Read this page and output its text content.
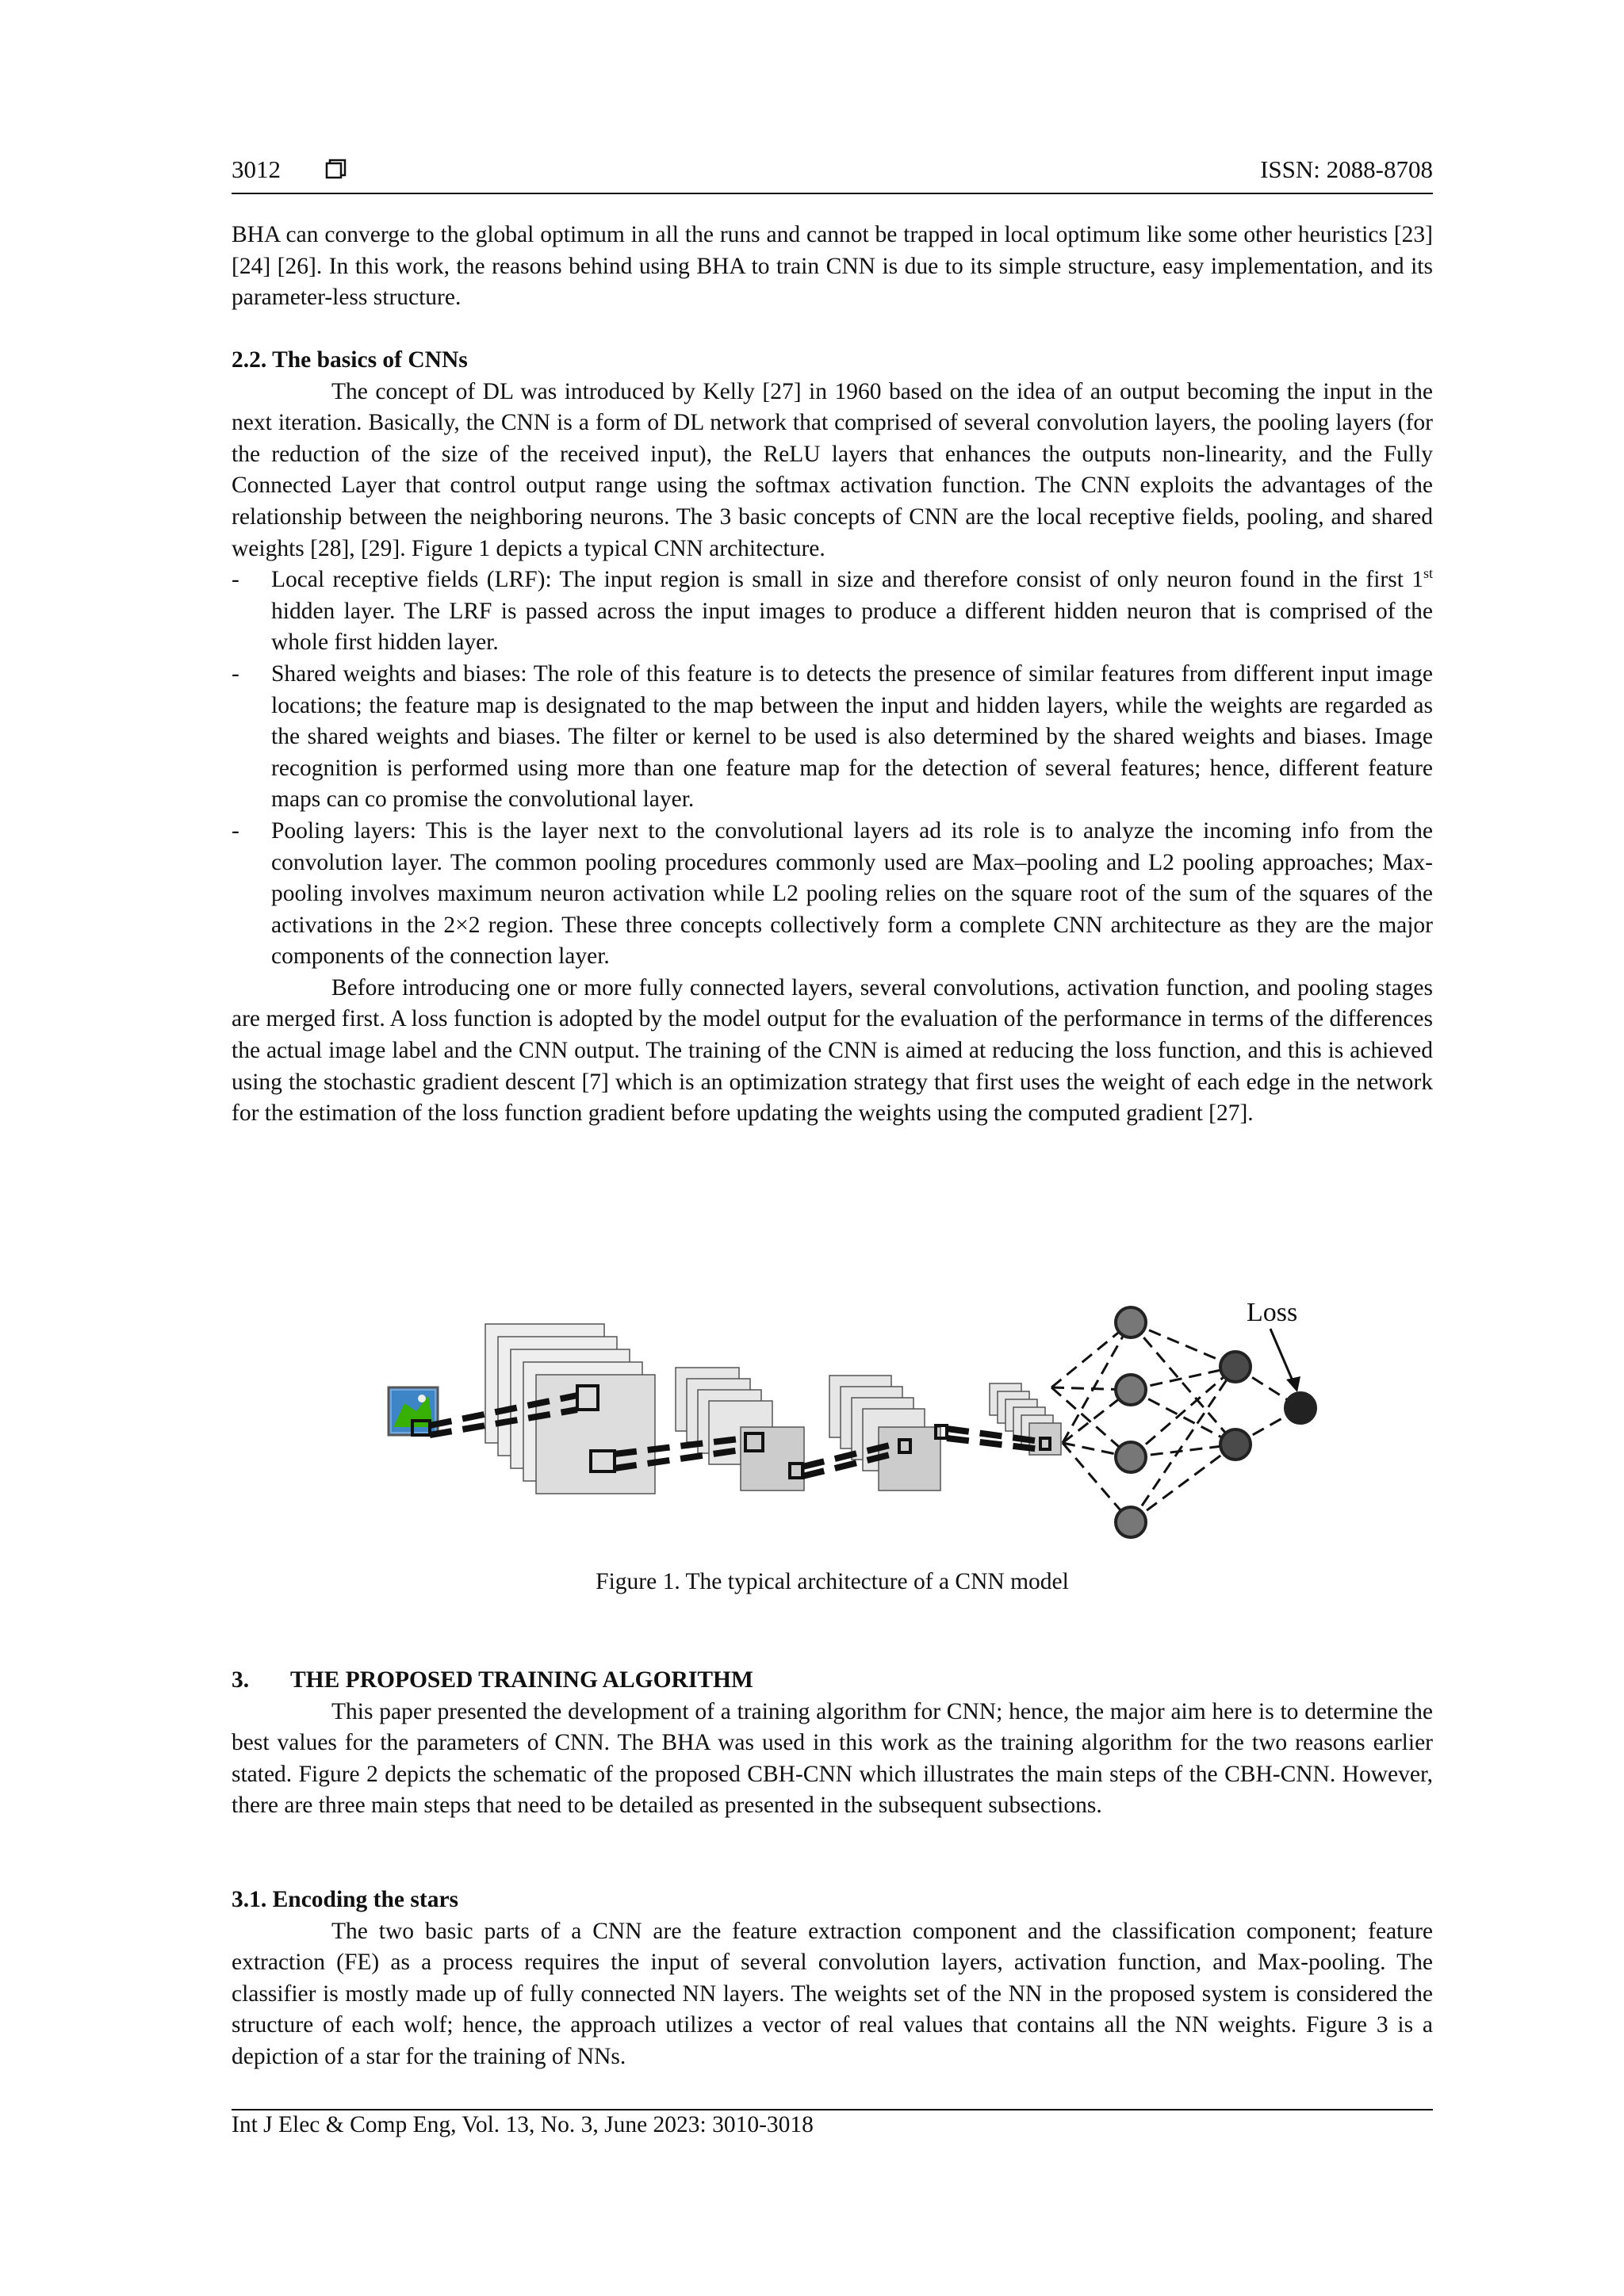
3012	ISSN: 2088-8708

BHA can converge to the global optimum in all the runs and cannot be trapped in local optimum like some other heuristics [23] [24] [26]. In this work, the reasons behind using BHA to train CNN is due to its simple structure, easy implementation, and its parameter-less structure.

2.2. The basics of CNNs

The concept of DL was introduced by Kelly [27] in 1960 based on the idea of an output becoming the input in the next iteration. Basically, the CNN is a form of DL network that comprised of several convolution layers, the pooling layers (for the reduction of the size of the received input), the ReLU layers that enhances the outputs non-linearity, and the Fully Connected Layer that control output range using the softmax activation function. The CNN exploits the advantages of the relationship between the neighboring neurons. The 3 basic concepts of CNN are the local receptive fields, pooling, and shared weights [28], [29]. Figure 1 depicts a typical CNN architecture.

- Local receptive fields (LRF): The input region is small in size and therefore consist of only neuron found in the first 1st hidden layer. The LRF is passed across the input images to produce a different hidden neuron that is comprised of the whole first hidden layer.
- Shared weights and biases: The role of this feature is to detects the presence of similar features from different input image locations; the feature map is designated to the map between the input and hidden layers, while the weights are regarded as the shared weights and biases. The filter or kernel to be used is also determined by the shared weights and biases. Image recognition is performed using more than one feature map for the detection of several features; hence, different feature maps can co promise the convolutional layer.
- Pooling layers: This is the layer next to the convolutional layers ad its role is to analyze the incoming info from the convolution layer. The common pooling procedures commonly used are Max–pooling and L2 pooling approaches; Max-pooling involves maximum neuron activation while L2 pooling relies on the square root of the sum of the squares of the activations in the 2×2 region. These three concepts collectively form a complete CNN architecture as they are the major components of the connection layer.

Before introducing one or more fully connected layers, several convolutions, activation function, and pooling stages are merged first. A loss function is adopted by the model output for the evaluation of the performance in terms of the differences the actual image label and the CNN output. The training of the CNN is aimed at reducing the loss function, and this is achieved using the stochastic gradient descent [7] which is an optimization strategy that first uses the weight of each edge in the network for the estimation of the loss function gradient before updating the weights using the computed gradient [27].

Loss
Figure 1. The typical architecture of a CNN model

3. THE PROPOSED TRAINING ALGORITHM

This paper presented the development of a training algorithm for CNN; hence, the major aim here is to determine the best values for the parameters of CNN. The BHA was used in this work as the training algorithm for the two reasons earlier stated. Figure 2 depicts the schematic of the proposed CBH-CNN which illustrates the main steps of the CBH-CNN. However, there are three main steps that need to be detailed as presented in the subsequent subsections.

3.1. Encoding the stars

The two basic parts of a CNN are the feature extraction component and the classification component; feature extraction (FE) as a process requires the input of several convolution layers, activation function, and Max-pooling. The classifier is mostly made up of fully connected NN layers. The weights set of the NN in the proposed system is considered the structure of each wolf; hence, the approach utilizes a vector of real values that contains all the NN weights. Figure 3 is a depiction of a star for the training of NNs.

Int J Elec & Comp Eng, Vol. 13, No. 3, June 2023: 3010-3018
